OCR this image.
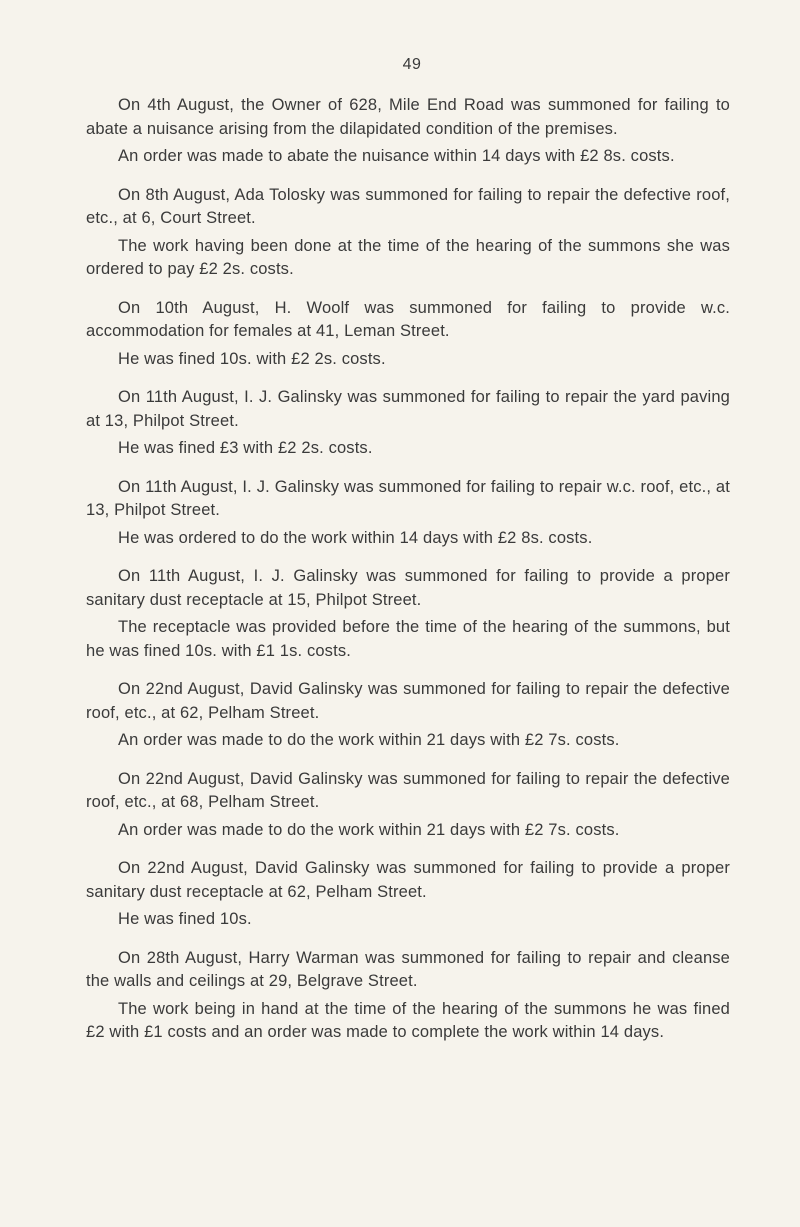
49

On 4th August, the Owner of 628, Mile End Road was summoned for failing to abate a nuisance arising from the dilapidated condition of the premises.

An order was made to abate the nuisance within 14 days with £2 8s. costs.

On 8th August, Ada Tolosky was summoned for failing to repair the defective roof, etc., at 6, Court Street.

The work having been done at the time of the hearing of the summons she was ordered to pay £2 2s. costs.

On 10th August, H. Woolf was summoned for failing to provide w.c. accommodation for females at 41, Leman Street.

He was fined 10s. with £2 2s. costs.

On 11th August, I. J. Galinsky was summoned for failing to repair the yard paving at 13, Philpot Street.

He was fined £3 with £2 2s. costs.

On 11th August, I. J. Galinsky was summoned for failing to repair w.c. roof, etc., at 13, Philpot Street.

He was ordered to do the work within 14 days with £2 8s. costs.

On 11th August, I. J. Galinsky was summoned for failing to provide a proper sanitary dust receptacle at 15, Philpot Street.

The receptacle was provided before the time of the hearing of the summons, but he was fined 10s. with £1 1s. costs.

On 22nd August, David Galinsky was summoned for failing to repair the defective roof, etc., at 62, Pelham Street.

An order was made to do the work within 21 days with £2 7s. costs.

On 22nd August, David Galinsky was summoned for failing to repair the defective roof, etc., at 68, Pelham Street.

An order was made to do the work within 21 days with £2 7s. costs.

On 22nd August, David Galinsky was summoned for failing to provide a proper sanitary dust receptacle at 62, Pelham Street.

He was fined 10s.

On 28th August, Harry Warman was summoned for failing to repair and cleanse the walls and ceilings at 29, Belgrave Street.

The work being in hand at the time of the hearing of the summons he was fined £2 with £1 costs and an order was made to complete the work within 14 days.
